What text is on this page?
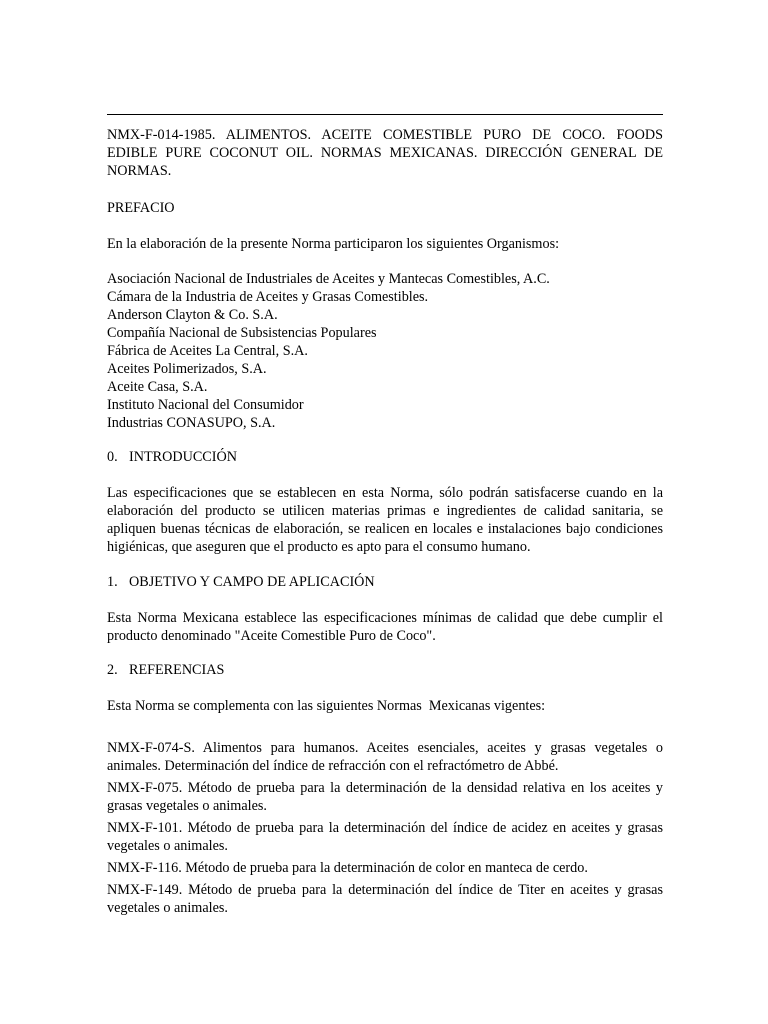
NMX-F-014-1985. ALIMENTOS. ACEITE COMESTIBLE PURO DE COCO. FOODS EDIBLE PURE COCONUT OIL. NORMAS MEXICANAS. DIRECCIÓN GENERAL DE NORMAS.
PREFACIO
En la elaboración de la presente Norma participaron los siguientes Organismos:
Asociación Nacional de Industriales de Aceites y Mantecas Comestibles, A.C.
Cámara de la Industria de Aceites y Grasas Comestibles.
Anderson Clayton & Co. S.A.
Compañía Nacional de Subsistencias Populares
Fábrica de Aceites La Central, S.A.
Aceites Polimerizados, S.A.
Aceite Casa, S.A.
Instituto Nacional del Consumidor
Industrias CONASUPO, S.A.
0. INTRODUCCIÓN
Las especificaciones que se establecen en esta Norma, sólo podrán satisfacerse cuando en la elaboración del producto se utilicen materias primas e ingredientes de calidad sanitaria, se apliquen buenas técnicas de elaboración, se realicen en locales e instalaciones bajo condiciones higiénicas, que aseguren que el producto es apto para el consumo humano.
1. OBJETIVO Y CAMPO DE APLICACIÓN
Esta Norma Mexicana establece las especificaciones mínimas de calidad que debe cumplir el producto denominado "Aceite Comestible Puro de Coco".
2. REFERENCIAS
Esta Norma se complementa con las siguientes Normas  Mexicanas vigentes:
NMX-F-074-S. Alimentos para humanos. Aceites esenciales, aceites y grasas vegetales o animales. Determinación del índice de refracción con el refractómetro de Abbé.
NMX-F-075. Método de prueba para la determinación de la densidad relativa en los aceites y grasas vegetales o animales.
NMX-F-101. Método de prueba para la determinación del índice de acidez en aceites y grasas vegetales o animales.
NMX-F-116. Método de prueba para la determinación de color en manteca de cerdo.
NMX-F-149. Método de prueba para la determinación del índice de Titer en aceites y grasas vegetales o animales.
